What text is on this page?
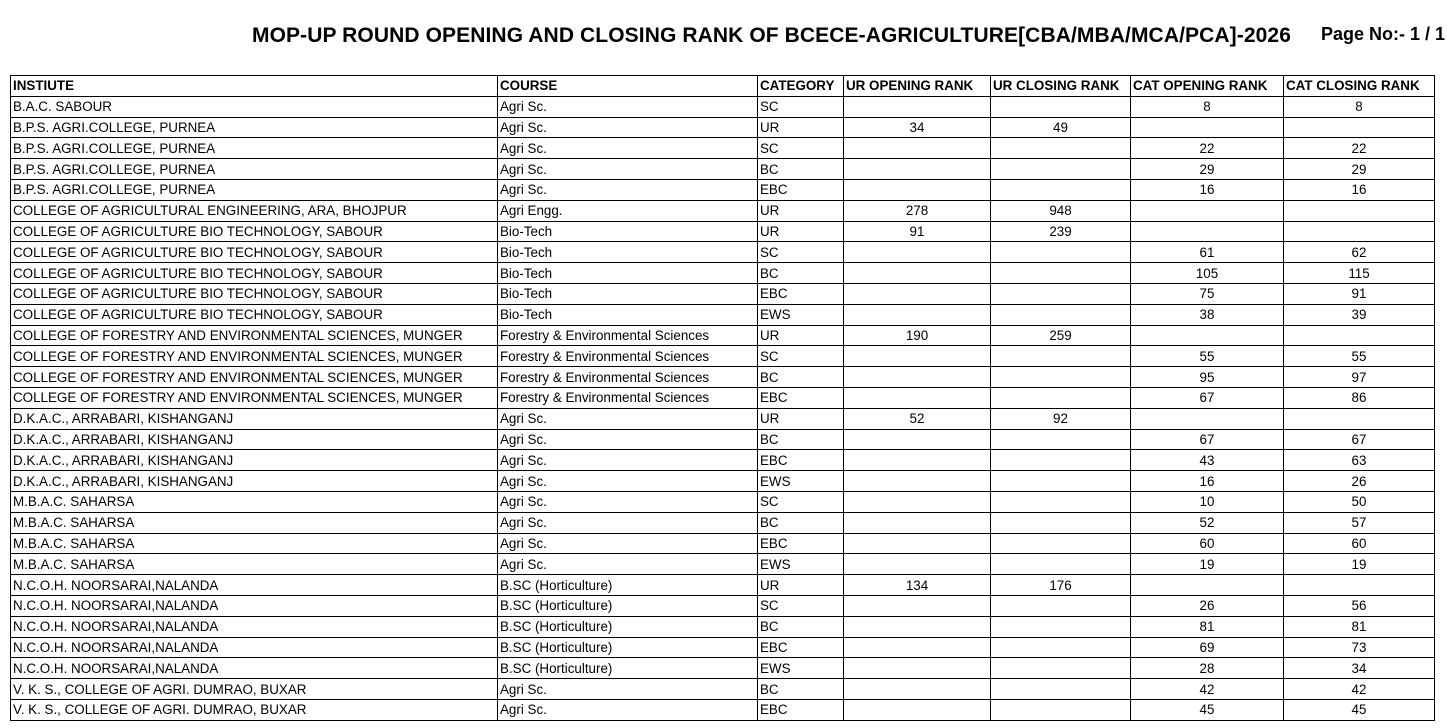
MOP-UP ROUND OPENING AND CLOSING RANK OF BCECE-AGRICULTURE[CBA/MBA/MCA/PCA]-2026 Page No:- 1 / 1
INSTIUTE	COURSE	CATEGORY	UR OPENING RANK	UR CLOSING RANK	CAT OPENING RANK	CAT CLOSING RANK
B.A.C. SABOUR	Agri Sc.	SC			8	8
B.P.S. AGRI.COLLEGE, PURNEA	Agri Sc.	UR	34	49		
B.P.S. AGRI.COLLEGE, PURNEA	Agri Sc.	SC			22	22
B.P.S. AGRI.COLLEGE, PURNEA	Agri Sc.	BC			29	29
B.P.S. AGRI.COLLEGE, PURNEA	Agri Sc.	EBC			16	16
COLLEGE OF AGRICULTURAL ENGINEERING, ARA, BHOJPUR	Agri Engg.	UR	278	948		
COLLEGE OF AGRICULTURE BIO TECHNOLOGY, SABOUR	Bio-Tech	UR	91	239		
COLLEGE OF AGRICULTURE BIO TECHNOLOGY, SABOUR	Bio-Tech	SC			61	62
COLLEGE OF AGRICULTURE BIO TECHNOLOGY, SABOUR	Bio-Tech	BC			105	115
COLLEGE OF AGRICULTURE BIO TECHNOLOGY, SABOUR	Bio-Tech	EBC			75	91
COLLEGE OF AGRICULTURE BIO TECHNOLOGY, SABOUR	Bio-Tech	EWS			38	39
COLLEGE OF FORESTRY AND ENVIRONMENTAL SCIENCES, MUNGER	Forestry & Environmental Sciences	UR	190	259		
COLLEGE OF FORESTRY AND ENVIRONMENTAL SCIENCES, MUNGER	Forestry & Environmental Sciences	SC			55	55
COLLEGE OF FORESTRY AND ENVIRONMENTAL SCIENCES, MUNGER	Forestry & Environmental Sciences	BC			95	97
COLLEGE OF FORESTRY AND ENVIRONMENTAL SCIENCES, MUNGER	Forestry & Environmental Sciences	EBC			67	86
D.K.A.C., ARRABARI, KISHANGANJ	Agri Sc.	UR	52	92		
D.K.A.C., ARRABARI, KISHANGANJ	Agri Sc.	BC			67	67
D.K.A.C., ARRABARI, KISHANGANJ	Agri Sc.	EBC			43	63
D.K.A.C., ARRABARI, KISHANGANJ	Agri Sc.	EWS			16	26
M.B.A.C. SAHARSA	Agri Sc.	SC			10	50
M.B.A.C. SAHARSA	Agri Sc.	BC			52	57
M.B.A.C. SAHARSA	Agri Sc.	EBC			60	60
M.B.A.C. SAHARSA	Agri Sc.	EWS			19	19
N.C.O.H. NOORSARAI,NALANDA	B.SC (Horticulture)	UR	134	176		
N.C.O.H. NOORSARAI,NALANDA	B.SC (Horticulture)	SC			26	56
N.C.O.H. NOORSARAI,NALANDA	B.SC (Horticulture)	BC			81	81
N.C.O.H. NOORSARAI,NALANDA	B.SC (Horticulture)	EBC			69	73
N.C.O.H. NOORSARAI,NALANDA	B.SC (Horticulture)	EWS			28	34
V. K. S., COLLEGE OF AGRI. DUMRAO, BUXAR	Agri Sc.	BC			42	42
V. K. S., COLLEGE OF AGRI. DUMRAO, BUXAR	Agri Sc.	EBC			45	45
